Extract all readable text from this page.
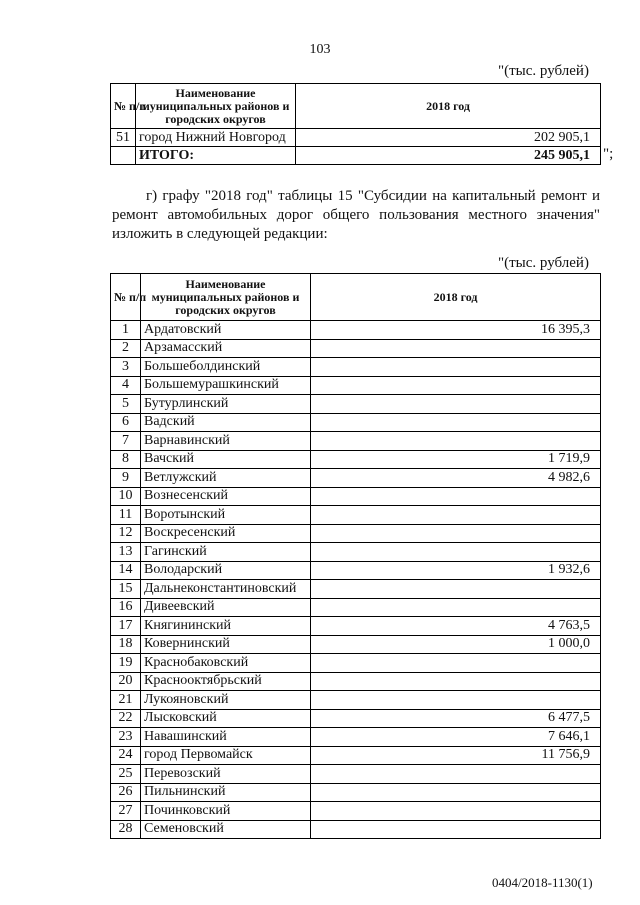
103
"(тыс. рублей)
№ п/п	Наименование муниципальных районов и городских округов	2018 год
51	город Нижний Новгород	202 905,1
	ИТОГО:	245 905,1 ";
г) графу "2018 год" таблицы 15 "Субсидии на капитальный ремонт и ремонт автомобильных дорог общего пользования местного значения" изложить в следующей редакции:
"(тыс. рублей)
№ п/п	Наименование муниципальных районов и городских округов	2018 год
1	Ардатовский	16 395,3
2	Арзамасский	
3	Большеболдинский	
4	Большемурашкинский	
5	Бутурлинский	
6	Вадский	
7	Варнавинский	
8	Вачский	1 719,9
9	Ветлужский	4 982,6
10	Вознесенский	
11	Воротынский	
12	Воскресенский	
13	Гагинский	
14	Володарский	1 932,6
15	Дальнеконстантиновский	
16	Дивеевский	
17	Княгининский	4 763,5
18	Ковернинский	1 000,0
19	Краснобаковский	
20	Краснооктябрьский	
21	Лукояновский	
22	Лысковский	6 477,5
23	Навашинский	7 646,1
24	город Первомайск	11 756,9
25	Перевозский	
26	Пильнинский	
27	Починковский	
28	Семеновский	
0404/2018-1130(1)
